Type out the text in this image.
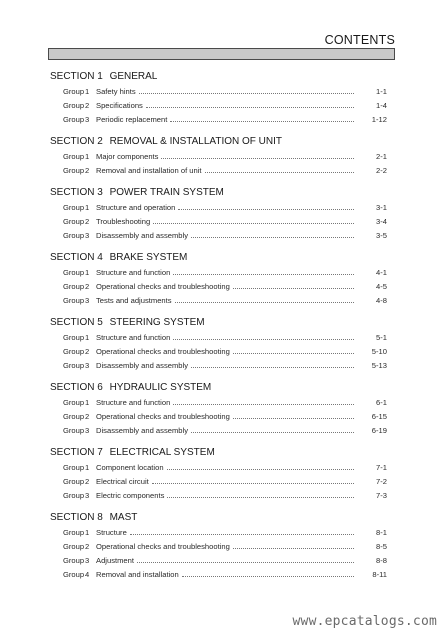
CONTENTS
SECTION 1 GENERAL
Group 1 Safety hints	1-1
Group 2 Specifications	1-4
Group 3 Periodic replacement	1-12
SECTION 2 REMOVAL & INSTALLATION OF UNIT
Group 1 Major components	2-1
Group 2 Removal and installation of unit	2-2
SECTION 3 POWER TRAIN SYSTEM
Group 1 Structure and operation	3-1
Group 2 Troubleshooting	3-4
Group 3 Disassembly and assembly	3-5
SECTION 4 BRAKE SYSTEM
Group 1 Structure and function	4-1
Group 2 Operational checks and troubleshooting	4-5
Group 3 Tests and adjustments	4-8
SECTION 5 STEERING SYSTEM
Group 1 Structure and function	5-1
Group 2 Operational checks and troubleshooting	5-10
Group 3 Disassembly and assembly	5-13
SECTION 6 HYDRAULIC SYSTEM
Group 1 Structure and function	6-1
Group 2 Operational checks and troubleshooting	6-15
Group 3 Disassembly and assembly	6-19
SECTION 7 ELECTRICAL SYSTEM
Group 1 Component location	7-1
Group 2 Electrical circuit	7-2
Group 3 Electric components	7-3
SECTION 8 MAST
Group 1 Structure	8-1
Group 2 Operational checks and troubleshooting	8-5
Group 3 Adjustment	8-8
Group 4 Removal and installation	8-11
www.epcatalogs.com
